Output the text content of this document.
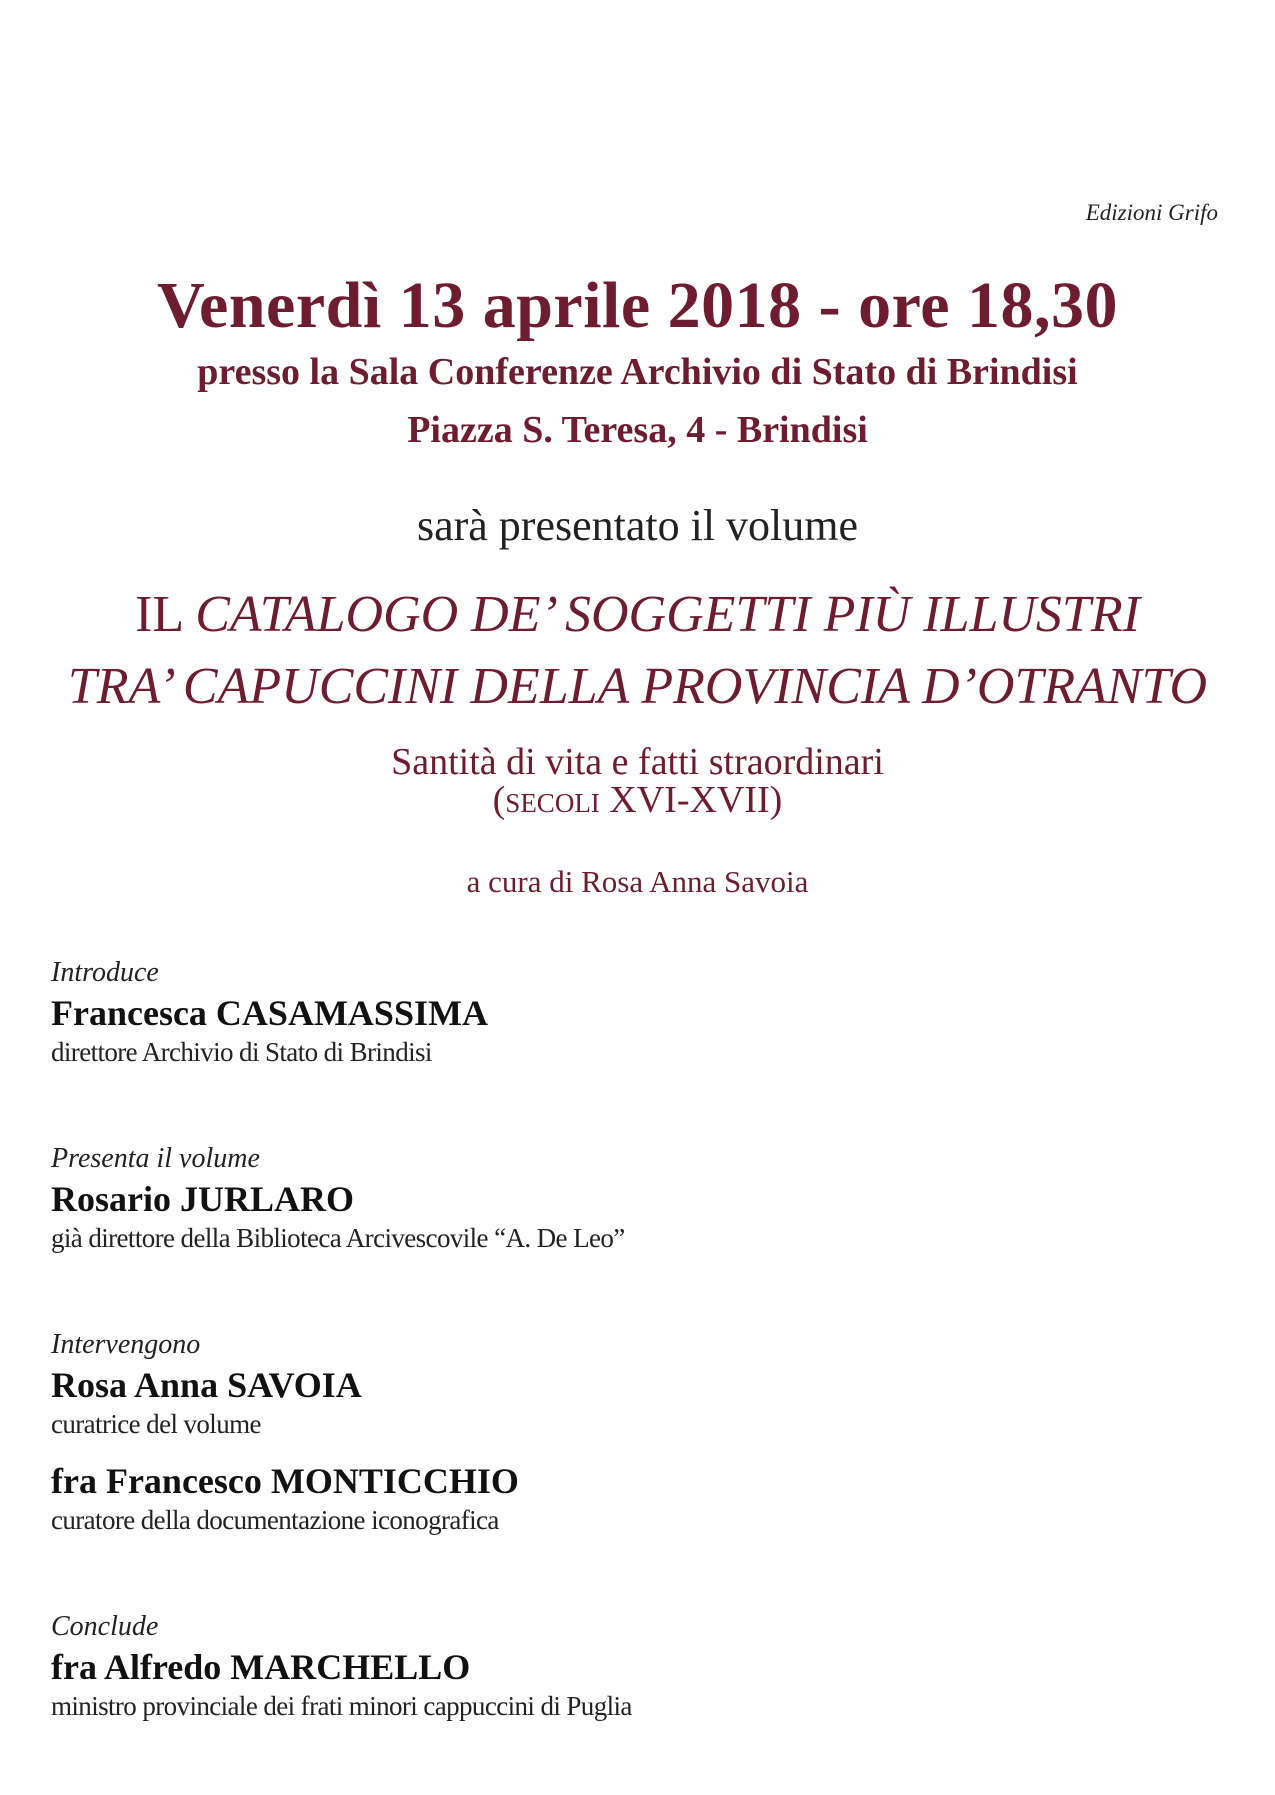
Edizioni Grifo
Venerdì 13 aprile 2018 - ore 18,30
presso la Sala Conferenze Archivio di Stato di Brindisi
Piazza S. Teresa, 4 - Brindisi
sarà presentato il volume
IL CATALOGO DE’ SOGGETTI PIÙ ILLUSTRI
TRA’ CAPUCCINI DELLA PROVINCIA D’OTRANTO
Santità di vita e fatti straordinari
(secoli XVI-XVII)
a cura di Rosa Anna Savoia

Introduce

Francesca CASAMASSIMA

direttore Archivio di Stato di Brindisi

Presenta il volume

Rosario JURLARO

già direttore della Biblioteca Arcivescovile “A. De Leo”

Intervengono

Rosa Anna SAVOIA

curatrice del volume

fra Francesco MONTICCHIO

curatore della documentazione iconografica

Conclude

fra Alfredo MARCHELLO

ministro provinciale dei frati minori cappuccini di Puglia
